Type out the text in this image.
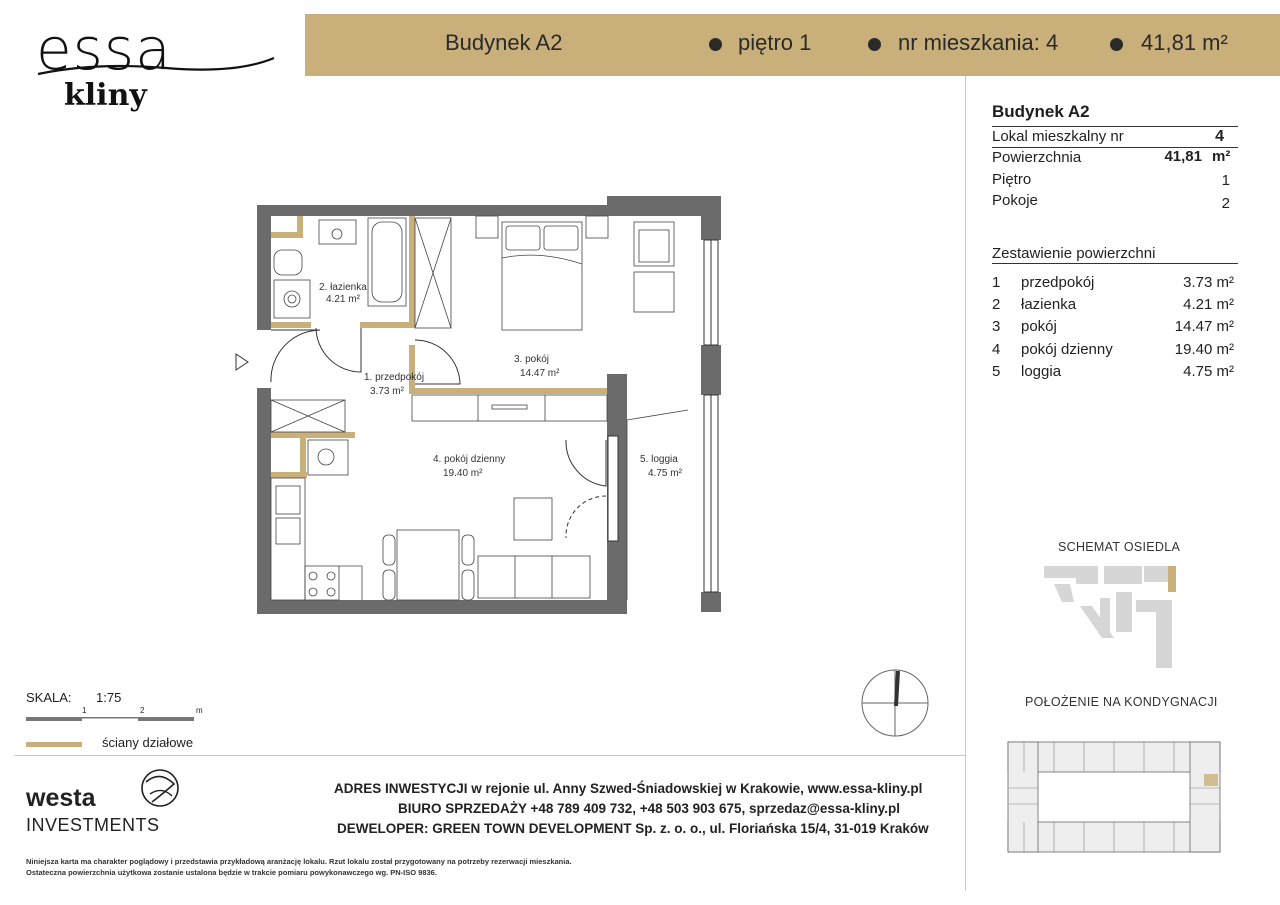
essa
kliny
Budynek A2	piętro 1	nr mieszkania: 4	41,81 m²
Budynek A2
Lokal mieszkalny nr	4
Powierzchnia	41,81 m²
Piętro	1
Pokoje	2
Zestawienie powierzchni
1 przedpokój	3.73 m²
2 łazienka	4.21 m²
3 pokój	14.47 m²
4 pokój dzienny	19.40 m²
5 loggia	4.75 m²
2. łazienka
4.21 m²
1. przedpokój
3.73 m²
3. pokój
14.47 m²
4. pokój dzienny
19.40 m²
5. loggia
4.75 m²
SCHEMAT OSIEDLA
POŁOŻENIE NA KONDYGNACJI
SKALA: 1:75
1	2	m
ściany działowe
westa
INVESTMENTS
ADRES INWESTYCJI w rejonie ul. Anny Szwed-Śniadowskiej w Krakowie, www.essa-kliny.pl
BIURO SPRZEDAŻY +48 789 409 732, +48 503 903 675, sprzedaz@essa-kliny.pl
DEWELOPER: GREEN TOWN DEVELOPMENT Sp. z. o. o., ul. Floriańska 15/4, 31-019 Kraków
Niniejsza karta ma charakter poglądowy i przedstawia przykładową aranżację lokalu. Rzut lokalu został przygotowany na potrzeby rezerwacji mieszkania.
Ostateczna powierzchnia użytkowa zostanie ustalona będzie w trakcie pomiaru powykonawczego wg. PN-ISO 9836.
